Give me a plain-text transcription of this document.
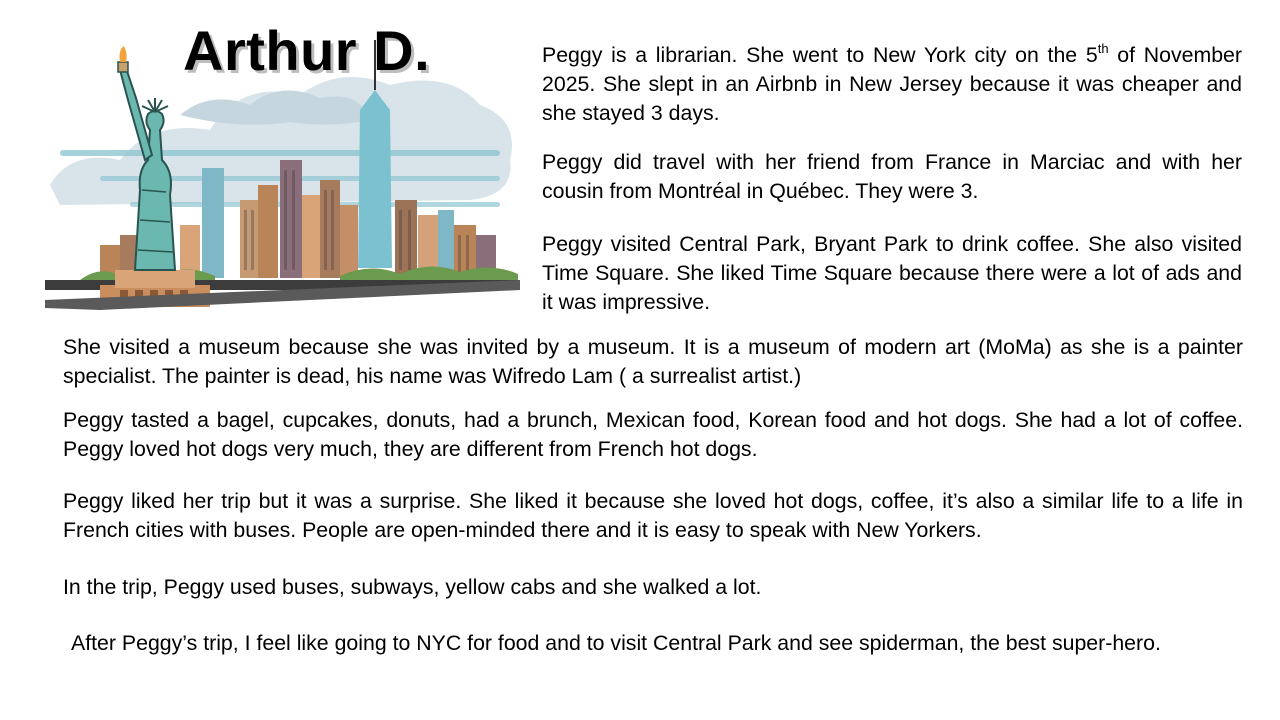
Arthur D.	Peggy is a librarian. She went to New York city on the 5th of November 2025. She slept in an Airbnb in New Jersey because it was cheaper and she stayed 3 days.

Peggy did travel with her friend from France in Marciac and with her cousin from Montréal in Québec. They were 3.

Peggy visited Central Park, Bryant Park to drink coffee. She also visited Time Square. She liked Time Square because there were a lot of ads and it was impressive.

She visited a museum because she was invited by a museum. It is a museum of modern art (MoMa) as she is a painter specialist. The painter is dead, his name was Wifredo Lam ( a surrealist artist.)

Peggy tasted a bagel, cupcakes, donuts, had a brunch, Mexican food, Korean food and hot dogs. She had a lot of coffee. Peggy loved hot dogs very much, they are different from French hot dogs.

Peggy liked her trip but it was a surprise. She liked it because she loved hot dogs, coffee, it’s also a similar life to a life in French cities with buses. People are open-minded there and it is easy to speak with New Yorkers.

In the trip, Peggy used buses, subways, yellow cabs and she walked a lot.

After Peggy’s trip, I feel like going to NYC for food and to visit Central Park and see spiderman, the best super-hero.
